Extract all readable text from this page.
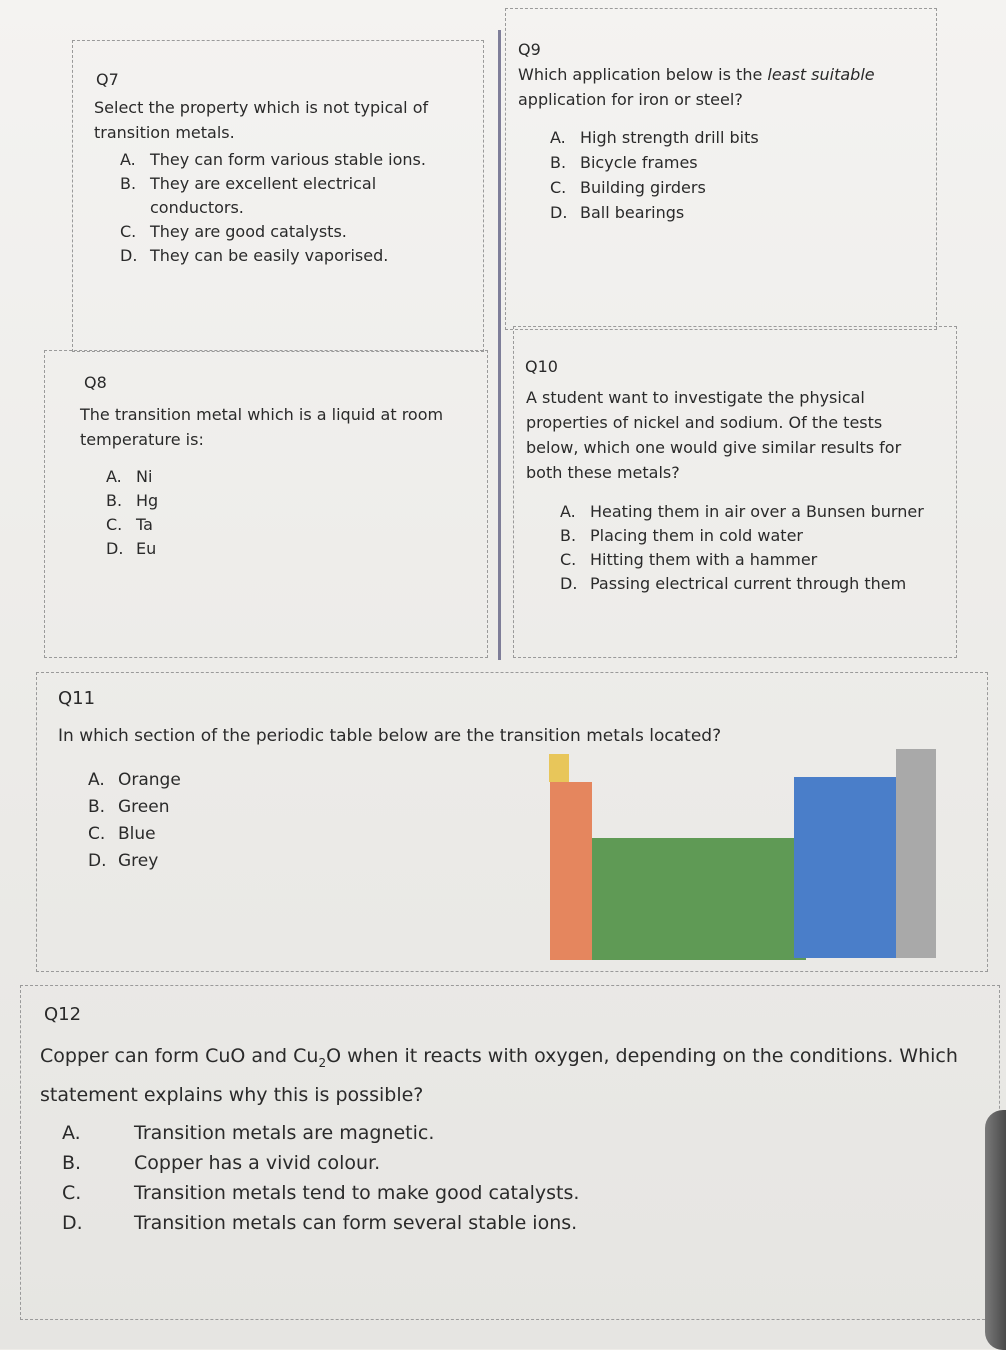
Q7
Select the property which is not typical of transition metals.
A. They can form various stable ions.
B. They are excellent electrical conductors.
C. They are good catalysts.
D. They can be easily vaporised.
Q9
Which application below is the least suitable application for iron or steel?
A. High strength drill bits
B. Bicycle frames
C. Building girders
D. Ball bearings
Q8
The transition metal which is a liquid at room temperature is:
A. Ni
B. Hg
C. Ta
D. Eu
Q10
A student want to investigate the physical properties of nickel and sodium. Of the tests below, which one would give similar results for both these metals?
A. Heating them in air over a Bunsen burner
B. Placing them in cold water
C. Hitting them with a hammer
D. Passing electrical current through them
Q11
In which section of the periodic table below are the transition metals located?
A. Orange
B. Green
C. Blue
D. Grey
Q12
Copper can form CuO and $Cu_2O$ when it reacts with oxygen, depending on the conditions. Which statement explains why this is possible?
A.	Transition metals are magnetic.
B.	Copper has a vivid colour.
C.	Transition metals tend to make good catalysts.
D.	Transition metals can form several stable ions.
